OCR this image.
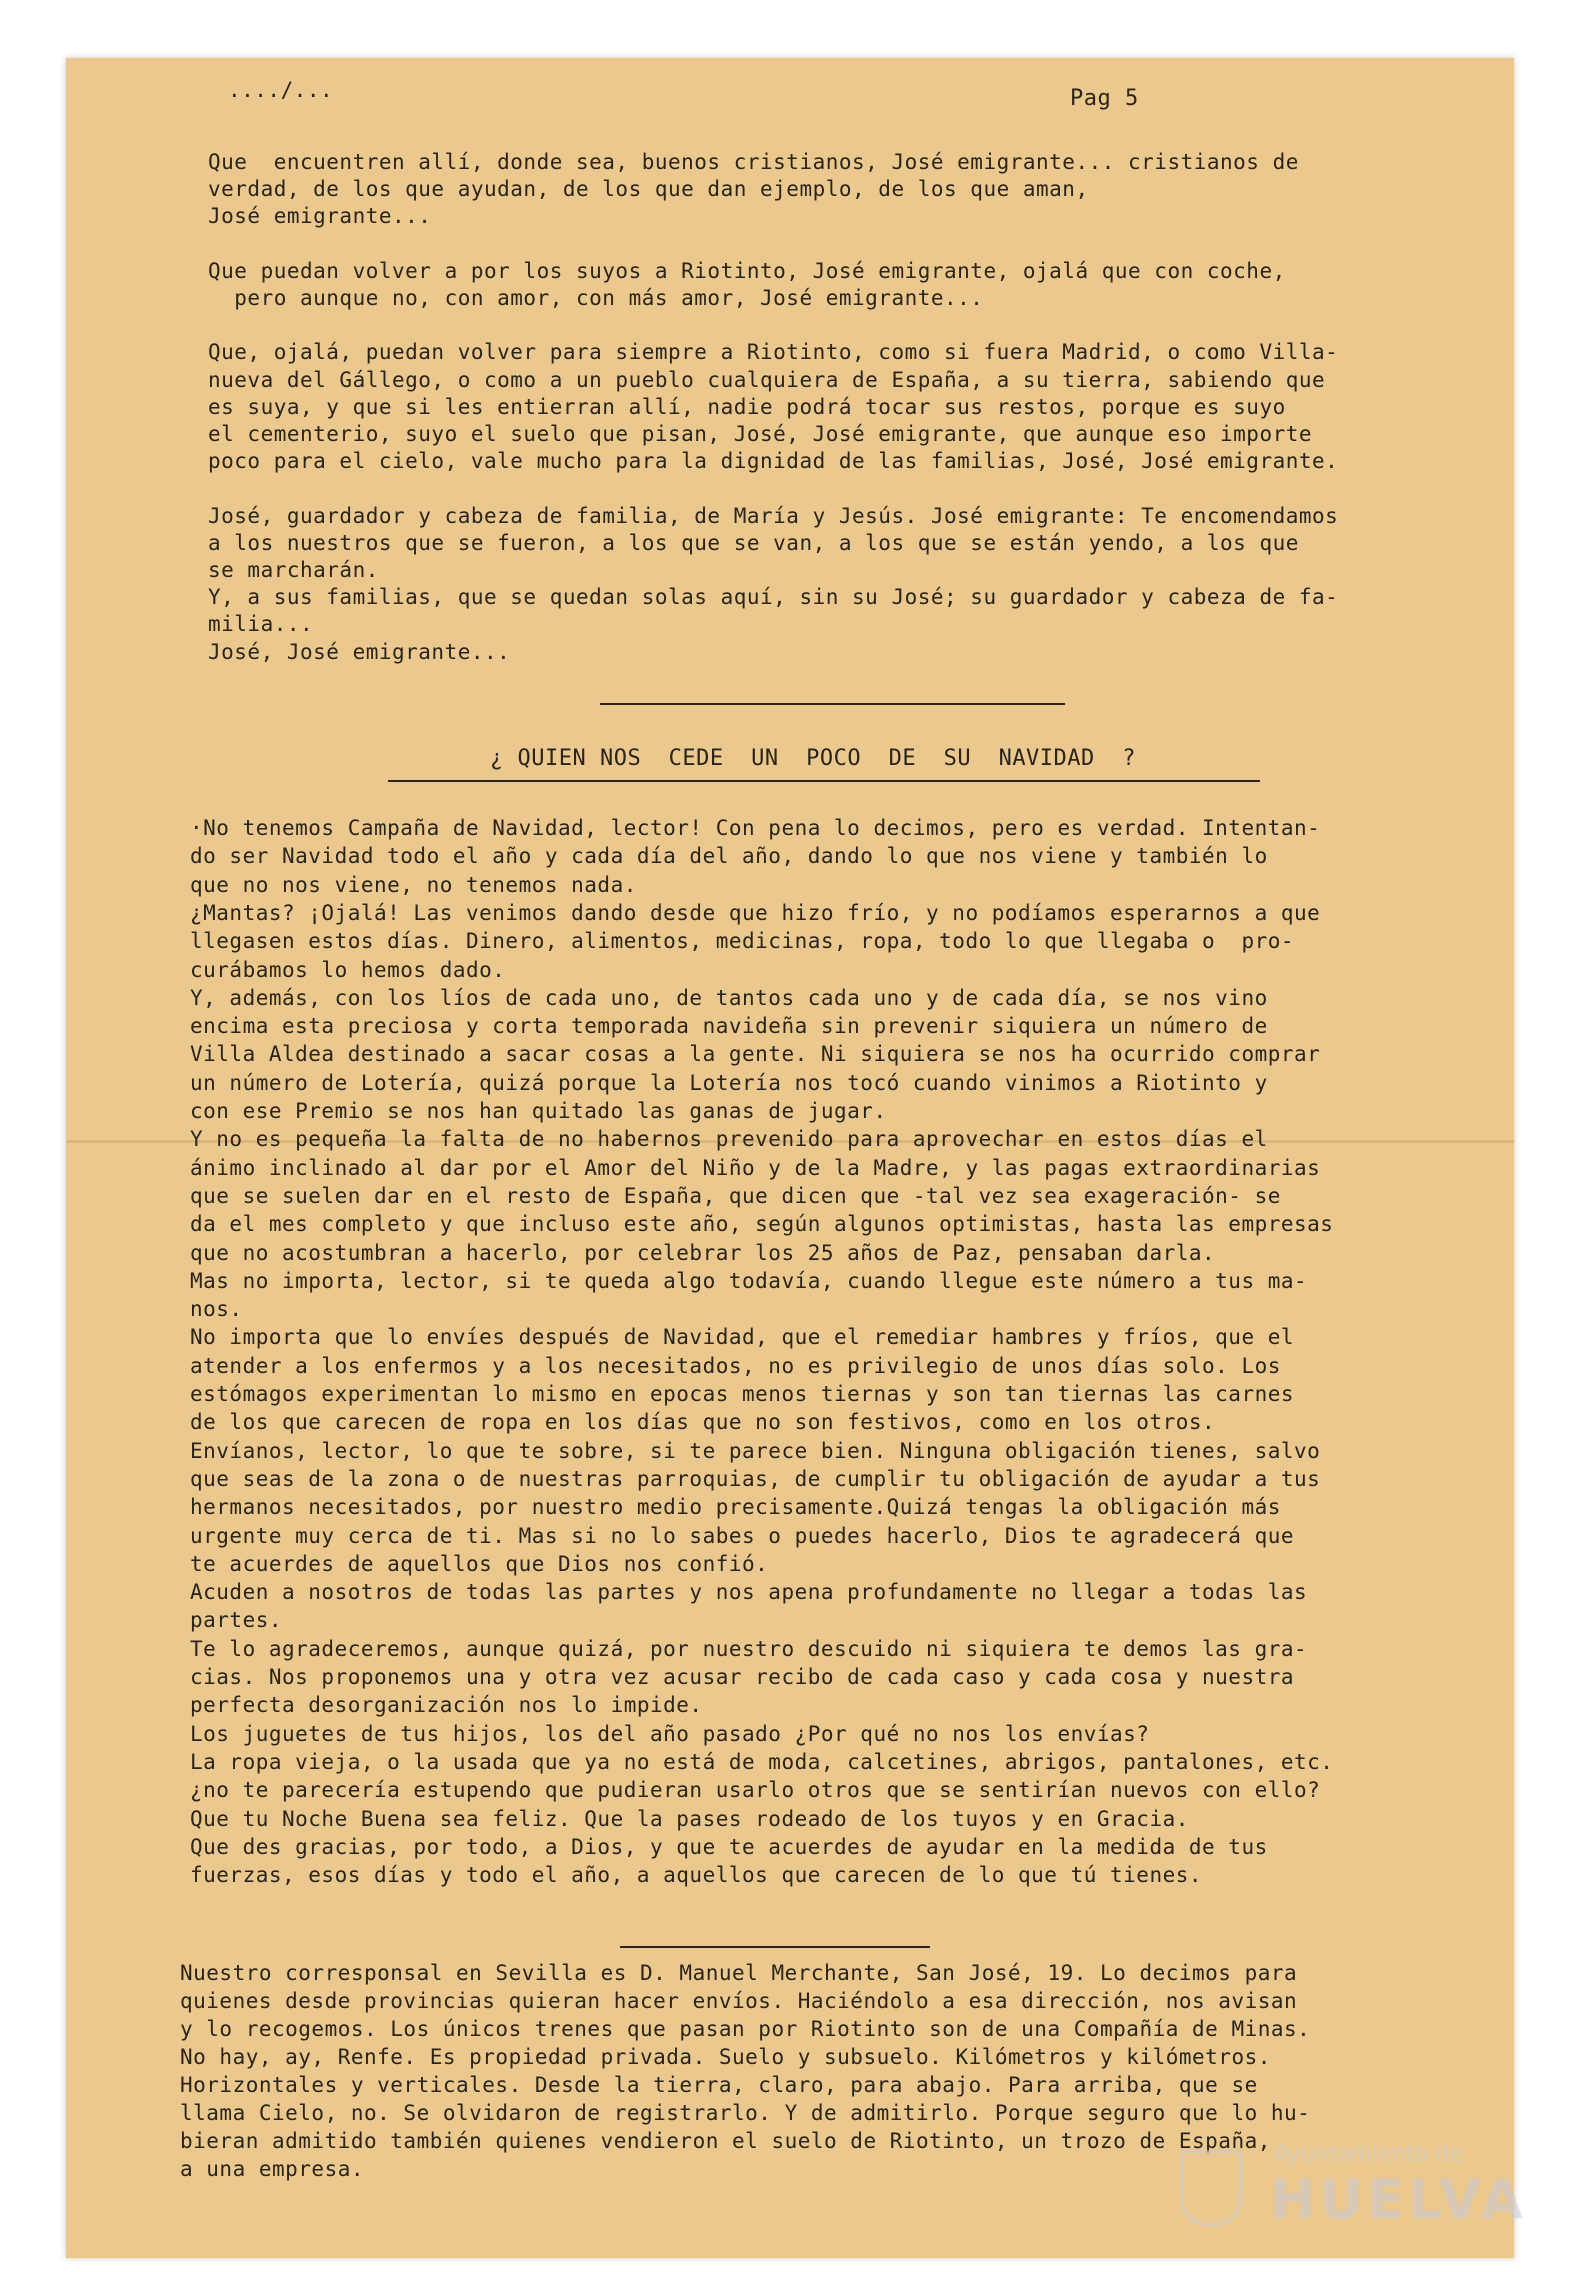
..../...	Pag 5
Que  encuentren allí, donde sea, buenos cristianos, José emigrante... cristianos de
verdad, de los que ayudan, de los que dan ejemplo, de los que aman,
José emigrante...
Que puedan volver a por los suyos a Riotinto, José emigrante, ojalá que con coche,
pero aunque no, con amor, con más amor, José emigrante...
Que, ojalá, puedan volver para siempre a Riotinto, como si fuera Madrid, o como Villa-
nueva del Gállego, o como a un pueblo cualquiera de España, a su tierra, sabiendo que
es suya, y que si les entierran allí, nadie podrá tocar sus restos, porque es suyo
el cementerio, suyo el suelo que pisan, José, José emigrante, que aunque eso importe
poco para el cielo, vale mucho para la dignidad de las familias, José, José emigrante.
José, guardador y cabeza de familia, de María y Jesús. José emigrante: Te encomendamos
a los nuestros que se fueron, a los que se van, a los que se están yendo, a los que
se marcharán.
Y, a sus familias, que se quedan solas aquí, sin su José; su guardador y cabeza de fa-
milia...
José, José emigrante...
¿ QUIEN NOS  CEDE  UN  POCO  DE  SU  NAVIDAD  ?
·No tenemos Campaña de Navidad, lector! Con pena lo decimos, pero es verdad. Intentan-
do ser Navidad todo el año y cada día del año, dando lo que nos viene y también lo
que no nos viene, no tenemos nada.
¿Mantas? ¡Ojalá! Las venimos dando desde que hizo frío, y no podíamos esperarnos a que
llegasen estos días. Dinero, alimentos, medicinas, ropa, todo lo que llegaba o  pro-
curábamos lo hemos dado.
Y, además, con los líos de cada uno, de tantos cada uno y de cada día, se nos vino
encima esta preciosa y corta temporada navideña sin prevenir siquiera un número de
Villa Aldea destinado a sacar cosas a la gente. Ni siquiera se nos ha ocurrido comprar
un número de Lotería, quizá porque la Lotería nos tocó cuando vinimos a Riotinto y
con ese Premio se nos han quitado las ganas de jugar.
Y no es pequeña la falta de no habernos prevenido para aprovechar en estos días el
ánimo inclinado al dar por el Amor del Niño y de la Madre, y las pagas extraordinarias
que se suelen dar en el resto de España, que dicen que -tal vez sea exageración- se
da el mes completo y que incluso este año, según algunos optimistas, hasta las empresas
que no acostumbran a hacerlo, por celebrar los 25 años de Paz, pensaban darla.
Mas no importa, lector, si te queda algo todavía, cuando llegue este número a tus ma-
nos.
No importa que lo envíes después de Navidad, que el remediar hambres y fríos, que el
atender a los enfermos y a los necesitados, no es privilegio de unos días solo. Los
estómagos experimentan lo mismo en epocas menos tiernas y son tan tiernas las carnes
de los que carecen de ropa en los días que no son festivos, como en los otros.
Envíanos, lector, lo que te sobre, si te parece bien. Ninguna obligación tienes, salvo
que seas de la zona o de nuestras parroquias, de cumplir tu obligación de ayudar a tus
hermanos necesitados, por nuestro medio precisamente.Quizá tengas la obligación más
urgente muy cerca de ti. Mas si no lo sabes o puedes hacerlo, Dios te agradecerá que
te acuerdes de aquellos que Dios nos confió.
Acuden a nosotros de todas las partes y nos apena profundamente no llegar a todas las
partes.
Te lo agradeceremos, aunque quizá, por nuestro descuido ni siquiera te demos las gra-
cias. Nos proponemos una y otra vez acusar recibo de cada caso y cada cosa y nuestra
perfecta desorganización nos lo impide.
Los juguetes de tus hijos, los del año pasado ¿Por qué no nos los envías?
La ropa vieja, o la usada que ya no está de moda, calcetines, abrigos, pantalones, etc.
¿no te parecería estupendo que pudieran usarlo otros que se sentirían nuevos con ello?
Que tu Noche Buena sea feliz. Que la pases rodeado de los tuyos y en Gracia.
Que des gracias, por todo, a Dios, y que te acuerdes de ayudar en la medida de tus
fuerzas, esos días y todo el año, a aquellos que carecen de lo que tú tienes.
Nuestro corresponsal en Sevilla es D. Manuel Merchante, San José, 19. Lo decimos para
quienes desde provincias quieran hacer envíos. Haciéndolo a esa dirección, nos avisan
y lo recogemos. Los únicos trenes que pasan por Riotinto son de una Compañía de Minas.
No hay, ay, Renfe. Es propiedad privada. Suelo y subsuelo. Kilómetros y kilómetros.
Horizontales y verticales. Desde la tierra, claro, para abajo. Para arriba, que se
llama Cielo, no. Se olvidaron de registrarlo. Y de admitirlo. Porque seguro que lo hu-
bieran admitido también quienes vendieron el suelo de Riotinto, un trozo de España,
a una empresa.
Ayuntamiento de
HUELVA
